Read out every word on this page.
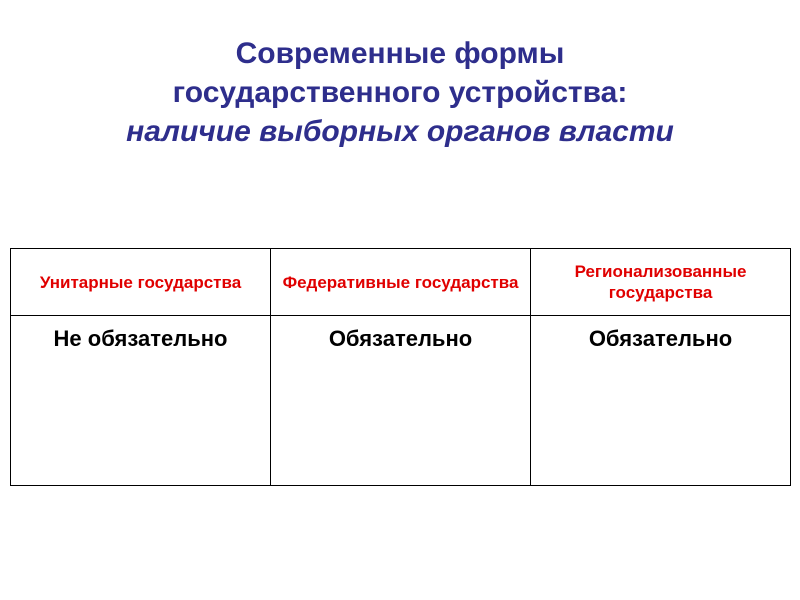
Современные формы
государственного устройства:
наличие выборных органов власти
Унитарные государства	Федеративные государства	Регионализованные государства
Не обязательно	Обязательно	Обязательно
